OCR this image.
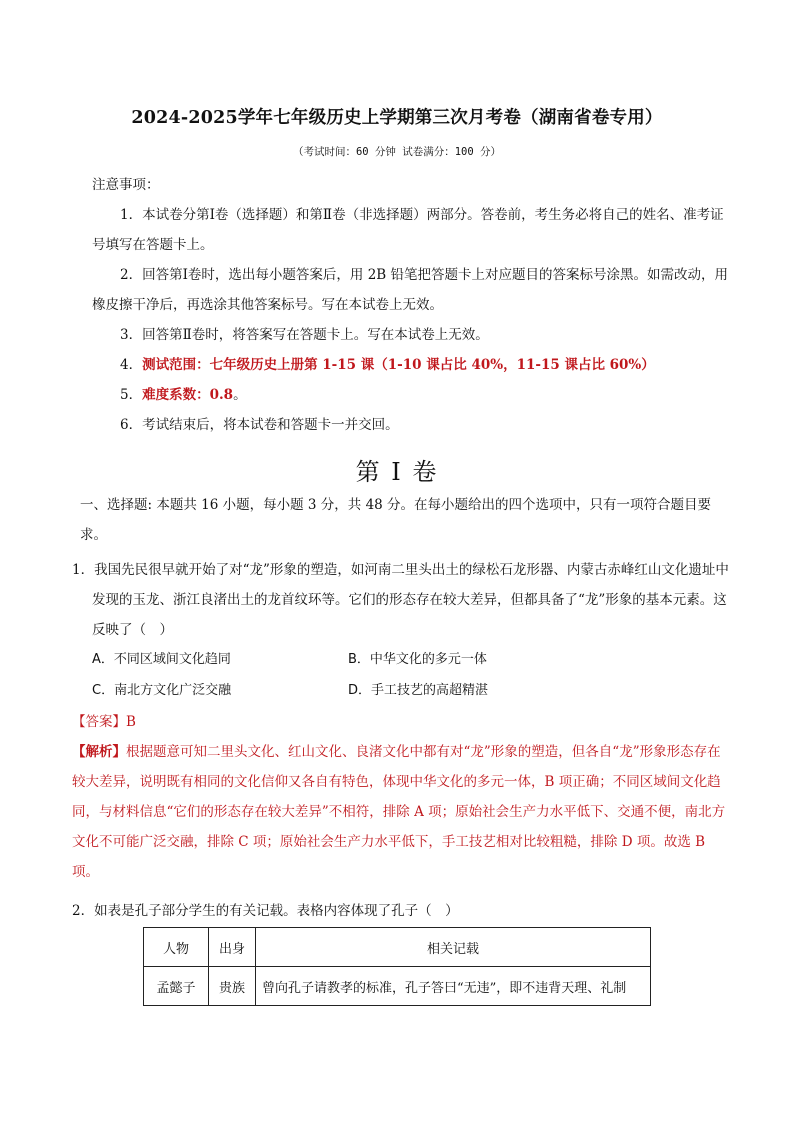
2024-2025学年七年级历史上学期第三次月考卷（湖南省卷专用）
（考试时间：60 分钟 试卷满分：100 分）

注意事项：

1．本试卷分第Ⅰ卷（选择题）和第Ⅱ卷（非选择题）两部分。答卷前，考生务必将自己的姓名、准考证号填写在答题卡上。

2．回答第Ⅰ卷时，选出每小题答案后，用 2B 铅笔把答题卡上对应题目的答案标号涂黑。如需改动，用橡皮擦干净后，再选涂其他答案标号。写在本试卷上无效。

3．回答第Ⅱ卷时，将答案写在答题卡上。写在本试卷上无效。

4．测试范围：七年级历史上册第 1-15 课（1-10 课占比 40%，11-15 课占比 60%）

5．难度系数：0.8。

6．考试结束后，将本试卷和答题卡一并交回。

第 I 卷

一、选择题: 本题共 16 小题，每小题 3 分，共 48 分。在每小题给出的四个选项中，只有一项符合题目要求。

1．我国先民很早就开始了对“龙”形象的塑造，如河南二里头出土的绿松石龙形器、内蒙古赤峰红山文化遗址中发现的玉龙、浙江良渚出土的龙首纹环等。它们的形态存在较大差异，但都具备了“龙”形象的基本元素。这反映了（　）

A．不同区域间文化趋同	B．中华文化的多元一体
C．南北方文化广泛交融	D．手工技艺的高超精湛

【答案】B

【解析】根据题意可知二里头文化、红山文化、良渚文化中都有对“龙”形象的塑造，但各自“龙”形象形态存在较大差异，说明既有相同的文化信仰又各自有特色，体现中华文化的多元一体，B 项正确；不同区域间文化趋同，与材料信息“它们的形态存在较大差异”不相符，排除 A 项；原始社会生产力水平低下、交通不便，南北方文化不可能广泛交融，排除 C 项；原始社会生产力水平低下，手工技艺相对比较粗糙，排除 D 项。故选 B 项。

2．如表是孔子部分学生的有关记载。表格内容体现了孔子（　）

人物	出身	相关记载
孟懿子	贵族	曾向孔子请教孝的标准，孔子答曰“无违”，即不违背天理、礼制
